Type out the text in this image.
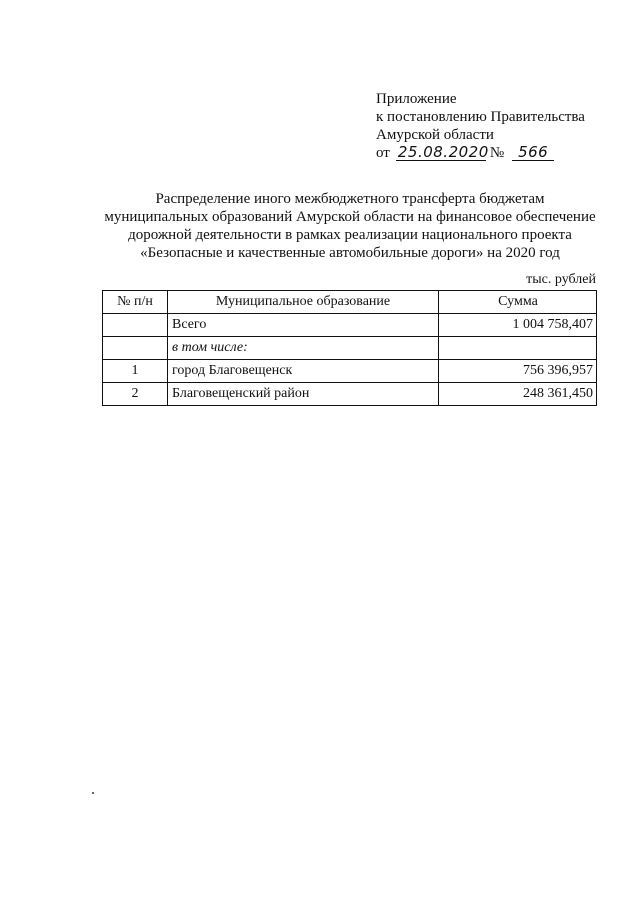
Приложение
к постановлению Правительства
Амурской области
от 25.08.2020№ 566
Распределение иного межбюджетного трансферта бюджетам
муниципальных образований Амурской области на финансовое обеспечение
дорожной деятельности в рамках реализации национального проекта
«Безопасные и качественные автомобильные дороги» на 2020 год
тыс. рублей
№ п/н	Муниципальное образование	Сумма
	Всего	1 004 758,407
	в том числе:	
1	город Благовещенск	756 396,957
2	Благовещенский район	248 361,450
